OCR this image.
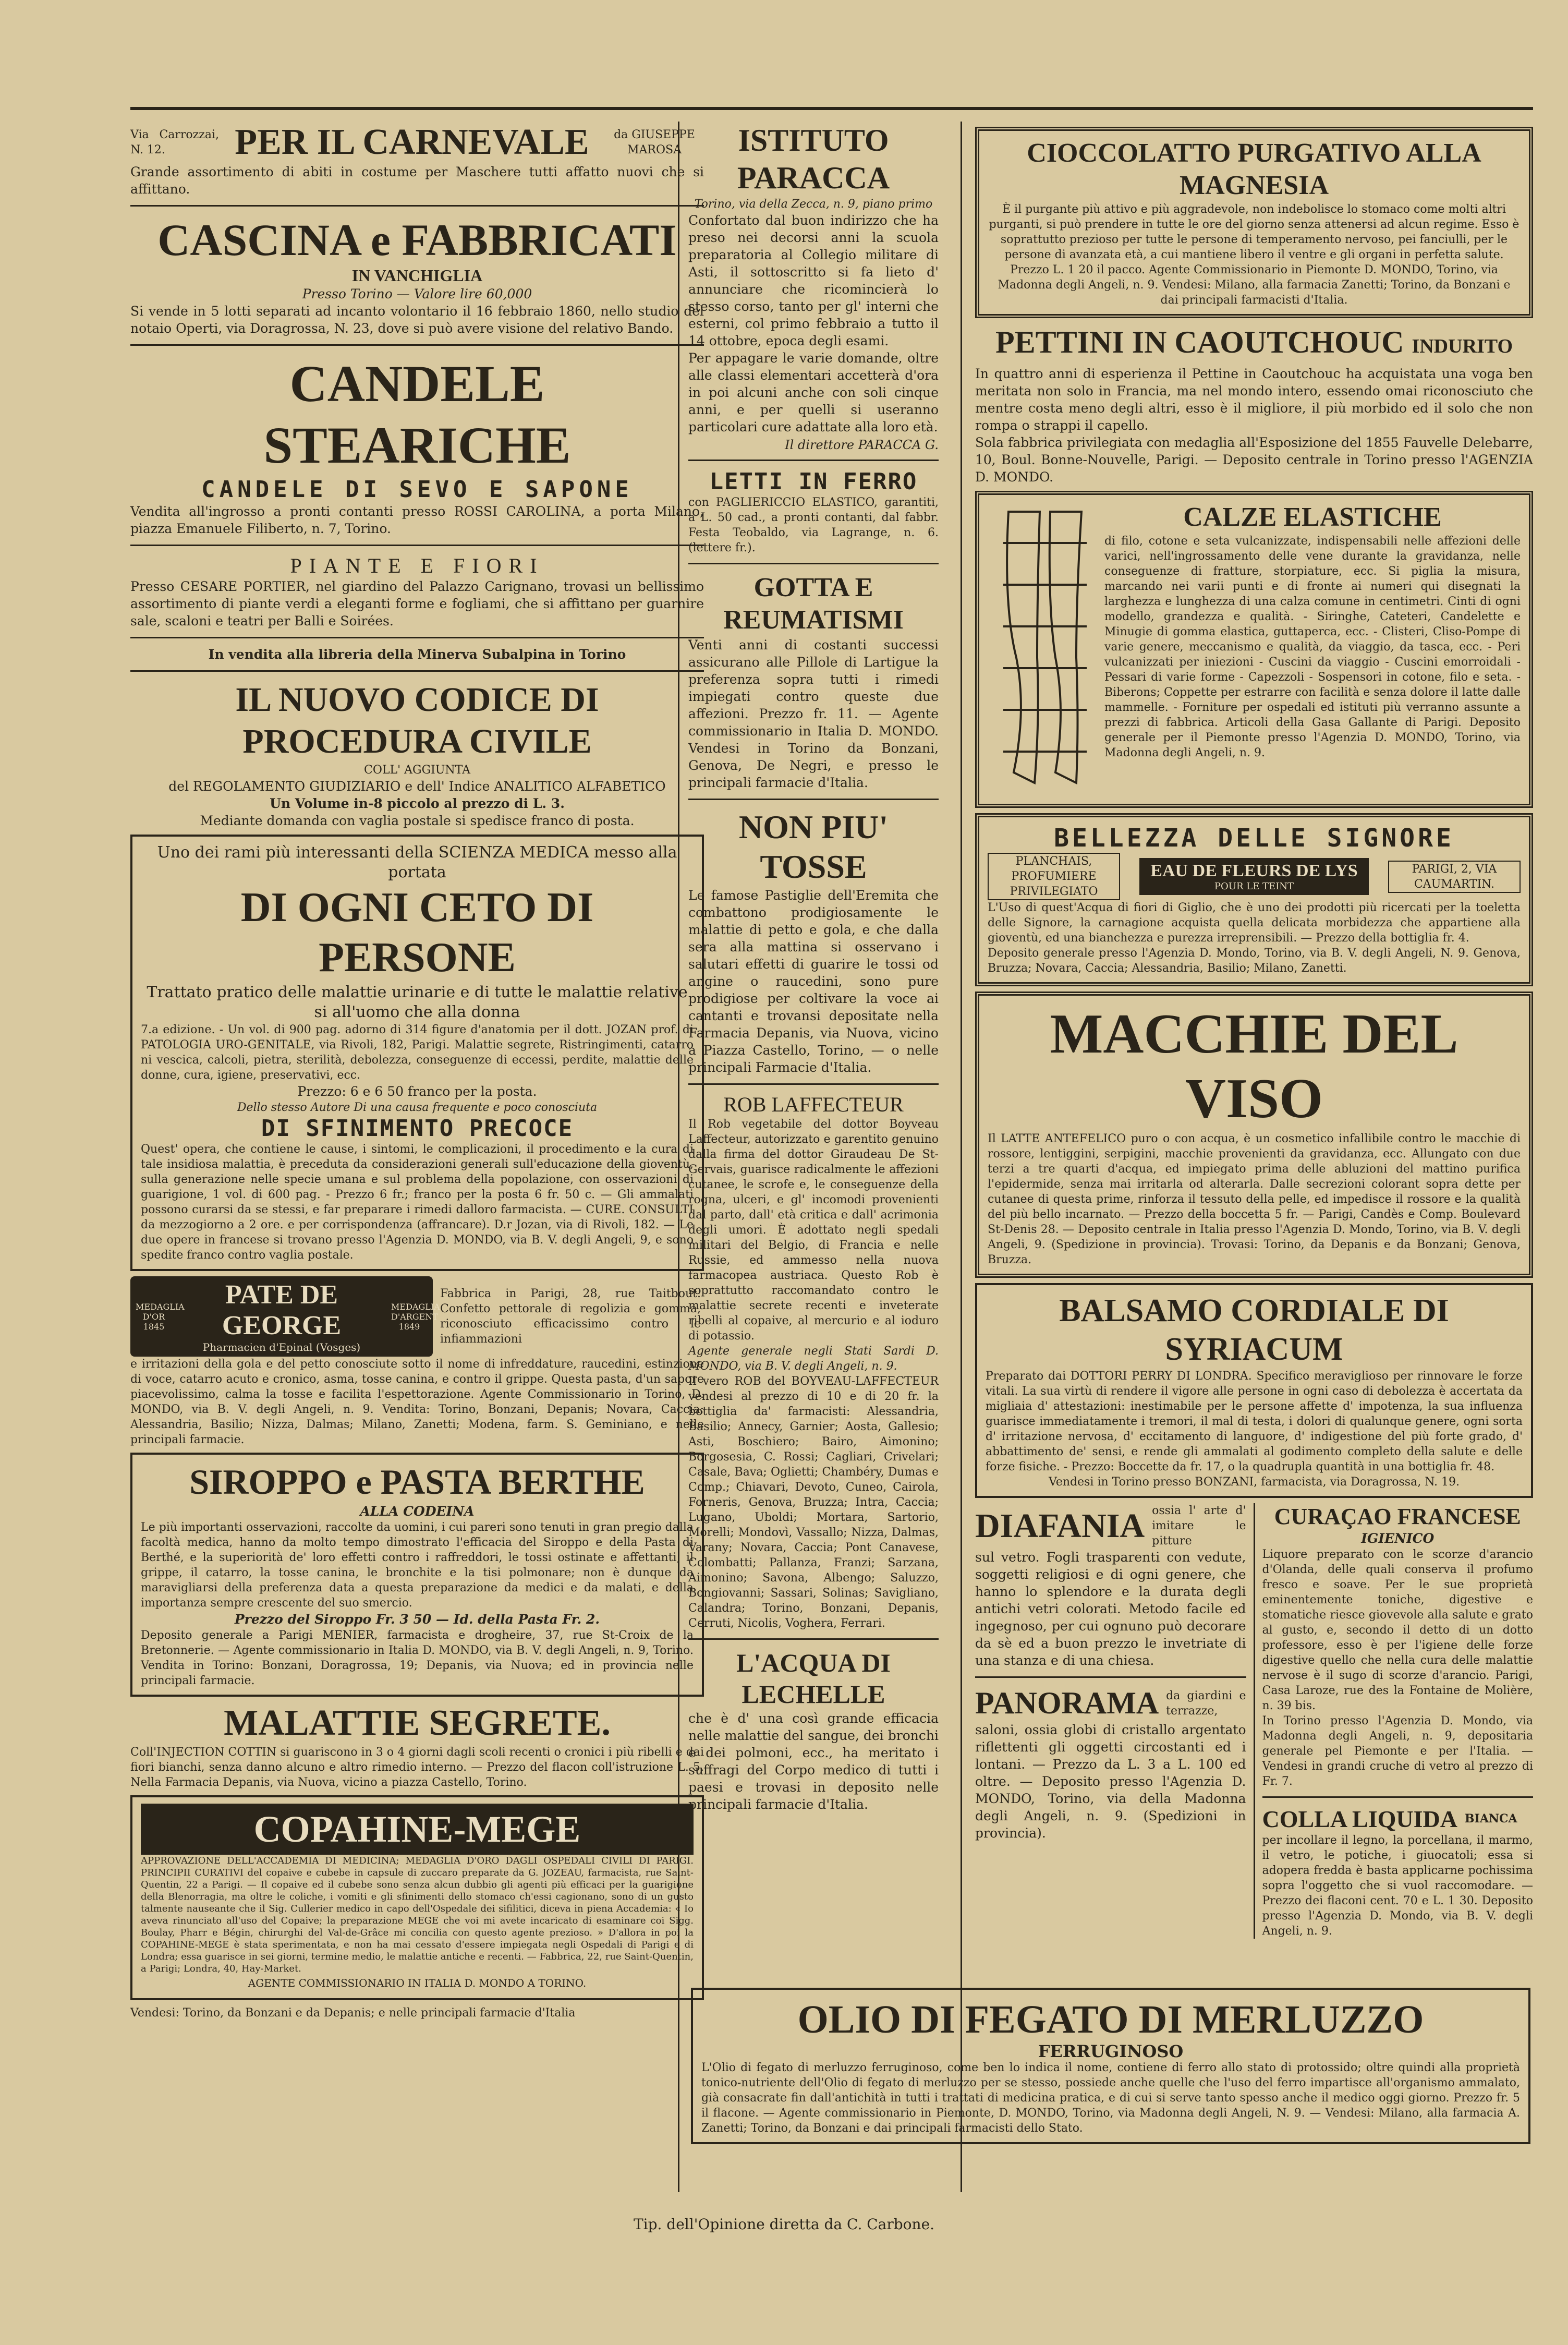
Via Carrozzai, N. 12.	PER IL CARNEVALE	da GIUSEPPE MAROSA

Grande assortimento di abiti in costume per Maschere tutti affatto nuovi che si affittano.

CASCINA e FABBRICATI

IN VANCHIGLIA

Presso Torino — Valore lire 60,000

Si vende in 5 lotti separati ad incanto volontario il 16 febbraio 1860, nello studio del notaio Operti, via Doragrossa, N. 23, dove si può avere visione del relativo Bando.

CANDELE STEARICHE

CANDELE DI SEVO E SAPONE

Vendita all'ingrosso a pronti contanti presso ROSSI CAROLINA, a porta Milano, piazza Emanuele Filiberto, n. 7, Torino.

PIANTE E FIORI

Presso CESARE PORTIER, nel giardino del Palazzo Carignano, trovasi un bellissimo assortimento di piante verdi a eleganti forme e fogliami, che si affittano per guarnire sale, scaloni e teatri per Balli e Soirées.

In vendita alla libreria della Minerva Subalpina in Torino

IL NUOVO CODICE DI PROCEDURA CIVILE

COLL' AGGIUNTA

del REGOLAMENTO GIUDIZIARIO e dell' Indice ANALITICO ALFABETICO

Un Volume in-8 piccolo al prezzo di L. 3.

Mediante domanda con vaglia postale si spedisce franco di posta.

Uno dei rami più interessanti della SCIENZA MEDICA messo alla portata

DI OGNI CETO DI PERSONE

Trattato pratico delle malattie urinarie e di tutte le malattie relative si all'uomo che alla donna

7.a edizione. - Un vol. di 900 pag. adorno di 314 figure d'anatomia per il dott. JOZAN prof. di PATOLOGIA URO-GENITALE, via Rivoli, 182, Parigi. Malattie segrete, Ristringimenti, catarro ni vescica, calcoli, pietra, sterilità, debolezza, conseguenze di eccessi, perdite, malattie delle donne, cura, igiene, preservativi, ecc.

Prezzo: 6 e 6 50 franco per la posta.

Dello stesso Autore Di una causa frequente e poco conosciuta

DI SFINIMENTO PRECOCE

Quest' opera, che contiene le cause, i sintomi, le complicazioni, il procedimento e la cura di tale insidiosa malattia, è preceduta da considerazioni generali sull'educazione della gioventù, sulla generazione nelle specie umana e sul problema della popolazione, con osservazioni di guarigione, 1 vol. di 600 pag. - Prezzo 6 fr.; franco per la posta 6 fr. 50 c. — Gli ammalati possono curarsi da se stessi, e far preparare i rimedi dalloro farmacista. — CURE. CONSULTI da mezzogiorno a 2 ore. e per corrispondenza (affrancare). D.r Jozan, via di Rivoli, 182. — Le due opere in francese si trovano presso l'Agenzia D. MONDO, via B. V. degli Angeli, 9, e sono spedite franco contro vaglia postale.

MEDAGLIA D'OR 1845
PATE DE GEORGE
Pharmacien d'Epinal (Vosges)
MEDAGLIA D'ARGENT 1849

Fabbrica in Parigi, 28, rue Taitbout. Confetto pettorale di regolizia e gomma, riconosciuto efficacissimo contro le infiammazioni

e irritazioni della gola e del petto conosciute sotto il nome di infreddature, raucedini, estinzione di voce, catarro acuto e cronico, asma, tosse canina, e contro il grippe. Questa pasta, d'un sapore piacevolissimo, calma la tosse e facilita l'espettorazione. Agente Commissionario in Torino, D. MONDO, via B. V. degli Angeli, n. 9. Vendita: Torino, Bonzani, Depanis; Novara, Caccia; Alessandria, Basilio; Nizza, Dalmas; Milano, Zanetti; Modena, farm. S. Geminiano, e nelle principali farmacie.

SIROPPO e PASTA BERTHE

ALLA CODEINA

Le più importanti osservazioni, raccolte da uomini, i cui pareri sono tenuti in gran pregio dalla facoltà medica, hanno da molto tempo dimostrato l'efficacia del Siroppo e della Pasta di Berthé, e la superiorità de' loro effetti contro i raffreddori, le tossi ostinate e affettanti, il grippe, il catarro, la tosse canina, le bronchite e la tisi polmonare; non è dunque da maravigliarsi della preferenza data a questa preparazione da medici e da malati, e della importanza sempre crescente del suo smercio.

Prezzo del Siroppo Fr. 3 50 — Id. della Pasta Fr. 2.

Deposito generale a Parigi MENIER, farmacista e drogheire, 37, rue St-Croix de la Bretonnerie. — Agente commissionario in Italia D. MONDO, via B. V. degli Angeli, n. 9, Torino. Vendita in Torino: Bonzani, Doragrossa, 19; Depanis, via Nuova; ed in provincia nelle principali farmacie.

MALATTIE SEGRETE.

Coll'INJECTION COTTIN si guariscono in 3 o 4 giorni dagli scoli recenti o cronici i più ribelli e dai fiori bianchi, senza danno alcuno e altro rimedio interno. — Prezzo del flacon coll'istruzione L. 5. Nella Farmacia Depanis, via Nuova, vicino a piazza Castello, Torino.

COPAHINE-MEGE

APPROVAZIONE DELL'ACCADEMIA DI MEDICINA; MEDAGLIA D'ORO DAGLI OSPEDALI CIVILI DI PARIGI. PRINCIPII CURATIVI del copaive e cubebe in capsule di zuccaro preparate da G. JOZEAU, farmacista, rue Saint-Quentin, 22 a Parigi. — Il copaive ed il cubebe sono senza alcun dubbio gli agenti più efficaci per la guarigione della Blenorragia, ma oltre le coliche, i vomiti e gli sfinimenti dello stomaco ch'essi cagionano, sono di un gusto talmente nauseante che il Sig. Cullerier medico in capo dell'Ospedale dei sifilitici, diceva in piena Accademia: « Io aveva rinunciato all'uso del Copaive; la preparazione MEGE che voi mi avete incaricato di esaminare coi Sigg. Boulay, Pharr e Bégin, chirurghi del Val-de-Grâce mi concilia con questo agente prezioso. » D'allora in poi la COPAHINE-MEGE è stata sperimentata, e non ha mai cessato d'essere impiegata negli Ospedali di Parigi e di Londra; essa guarisce in sei giorni, termine medio, le malattie antiche e recenti. — Fabbrica, 22, rue Saint-Quentin, a Parigi; Londra, 40, Hay-Market.

AGENTE COMMISSIONARIO IN ITALIA D. MONDO A TORINO.

Vendesi: Torino, da Bonzani e da Depanis; e nelle principali farmacie d'Italia

ISTITUTO PARACCA

Torino, via della Zecca, n. 9, piano primo

Confortato dal buon indirizzo che ha preso nei decorsi anni la scuola preparatoria al Collegio militare di Asti, il sottoscritto si fa lieto d' annunciare che ricomincierà lo stesso corso, tanto per gl' interni che esterni, col primo febbraio a tutto il 14 ottobre, epoca degli esami.

Per appagare le varie domande, oltre alle classi elementari accetterà d'ora in poi alcuni anche con soli cinque anni, e per quelli si useranno particolari cure adattate alla loro età.

Il direttore PARACCA G.

LETTI IN FERRO

con PAGLIERICCIO ELASTICO, garantiti, a L. 50 cad., a pronti contanti, dal fabbr. Festa Teobaldo, via Lagrange, n. 6. (lettere fr.).

GOTTA E REUMATISMI

Venti anni di costanti successi assicurano alle Pillole di Lartigue la preferenza sopra tutti i rimedi impiegati contro queste due affezioni. Prezzo fr. 11. — Agente commissionario in Italia D. MONDO. Vendesi in Torino da Bonzani, Genova, De Negri, e presso le principali farmacie d'Italia.

NON PIU' TOSSE

Le famose Pastiglie dell'Eremita che combattono prodigiosamente le malattie di petto e gola, e che dalla sera alla mattina si osservano i salutari effetti di guarire le tossi od angine o raucedini, sono pure prodigiose per coltivare la voce ai cantanti e trovansi depositate nella Farmacia Depanis, via Nuova, vicino a Piazza Castello, Torino, — o nelle principali Farmacie d'Italia.

ROB LAFFECTEUR

Il Rob vegetabile del dottor Boyveau Laffecteur, autorizzato e garentito genuino dalla firma del dottor Giraudeau De St-Gervais, guarisce radicalmente le affezioni cutanee, le scrofe e, le conseguenze della rogna, ulceri, e gl' incomodi provenienti dal parto, dall' età critica e dall' acrimonia degli umori. È adottato negli spedali militari del Belgio, di Francia e nelle Russie, ed ammesso nella nuova farmacopea austriaca. Questo Rob è soprattutto raccomandato contro le malattie secrete recenti e inveterate ribelli al copaive, al mercurio e al ioduro di potassio.

Agente generale negli Stati Sardi D. MONDO, via B. V. degli Angeli, n. 9.

Il vero ROB del BOYVEAU-LAFFECTEUR vendesi al prezzo di 10 e di 20 fr. la bottiglia da' farmacisti: Alessandria, Basilio; Annecy, Garnier; Aosta, Gallesio; Asti, Boschiero; Bairo, Aimonino; Borgosesia, C. Rossi; Cagliari, Crivelari; Casale, Bava; Oglietti; Chambéry, Dumas e Comp.; Chiavari, Devoto, Cuneo, Cairola, Forneris, Genova, Bruzza; Intra, Caccia; Lugano, Uboldi; Mortara, Sartorio, Morelli; Mondovì, Vassallo; Nizza, Dalmas, Varany; Novara, Caccia; Pont Canavese, Colombatti; Pallanza, Franzi; Sarzana, Aimonino; Savona, Albengo; Saluzzo, Bongiovanni; Sassari, Solinas; Savigliano, Calandra; Torino, Bonzani, Depanis, Cerruti, Nicolis, Voghera, Ferrari.

L'ACQUA DI LECHELLE

che è d' una così grande efficacia nelle malattie del sangue, dei bronchi e dei polmoni, ecc., ha meritato i suffragi del Corpo medico di tutti i paesi e trovasi in deposito nelle principali farmacie d'Italia.

CIOCCOLATTO PURGATIVO ALLA MAGNESIA

È il purgante più attivo e più aggradevole, non indebolisce lo stomaco come molti altri purganti, si può prendere in tutte le ore del giorno senza attenersi ad alcun regime. Esso è soprattutto prezioso per tutte le persone di temperamento nervoso, pei fanciulli, per le persone di avanzata età, a cui mantiene libero il ventre e gli organi in perfetta salute. Prezzo L. 1 20 il pacco. Agente Commissionario in Piemonte D. MONDO, Torino, via Madonna degli Angeli, n. 9. Vendesi: Milano, alla farmacia Zanetti; Torino, da Bonzani e dai principali farmacisti d'Italia.

PETTINI IN CAOUTCHOUC INDURITO

In quattro anni di esperienza il Pettine in Caoutchouc ha acquistata una voga ben meritata non solo in Francia, ma nel mondo intero, essendo omai riconosciuto che mentre costa meno degli altri, esso è il migliore, il più morbido ed il solo che non rompa o strappi il capello.

Sola fabbrica privilegiata con medaglia all'Esposizione del 1855 Fauvelle Delebarre, 10, Boul. Bonne-Nouvelle, Parigi. — Deposito centrale in Torino presso l'AGENZIA D. MONDO.

CALZE ELASTICHE

di filo, cotone e seta vulcanizzate, indispensabili nelle affezioni delle varici, nell'ingrossamento delle vene durante la gravidanza, nelle conseguenze di fratture, storpiature, ecc. Si piglia la misura, marcando nei varii punti e di fronte ai numeri qui disegnati la larghezza e lunghezza di una calza comune in centimetri. Cinti di ogni modello, grandezza e qualità. - Siringhe, Cateteri, Candelette e Minugie di gomma elastica, guttaperca, ecc. - Clisteri, Cliso-Pompe di varie genere, meccanismo e qualità, da viaggio, da tasca, ecc. - Peri vulcanizzati per iniezioni - Cuscini da viaggio - Cuscini emorroidali - Pessari di varie forme - Capezzoli - Sospensori in cotone, filo e seta. - Biberons; Coppette per estrarre con facilità e senza dolore il latte dalle mammelle. - Forniture per ospedali ed istituti più verranno assunte a prezzi di fabbrica. Articoli della Gasa Gallante di Parigi. Deposito generale per il Piemonte presso l'Agenzia D. MONDO, Torino, via Madonna degli Angeli, n. 9.

BELLEZZA DELLE SIGNORE

PLANCHAIS, PROFUMIERE PRIVILEGIATO
EAU DE FLEURS DE LYS
POUR LE TEINT
PARIGI, 2, VIA CAUMARTIN.

L'Uso di quest'Acqua di fiori di Giglio, che è uno dei prodotti più ricercati per la toeletta delle Signore, la carnagione acquista quella delicata morbidezza che appartiene alla gioventù, ed una bianchezza e purezza irreprensibili. — Prezzo della bottiglia fr. 4.

Deposito generale presso l'Agenzia D. Mondo, Torino, via B. V. degli Angeli, N. 9. Genova, Bruzza; Novara, Caccia; Alessandria, Basilio; Milano, Zanetti.

MACCHIE DEL VISO

Il LATTE ANTEFELICO puro o con acqua, è un cosmetico infallibile contro le macchie di rossore, lentiggini, serpigini, macchie provenienti da gravidanza, ecc. Allungato con due terzi a tre quarti d'acqua, ed impiegato prima delle abluzioni del mattino purifica l'epidermide, senza mai irritarla od alterarla. Dalle secrezioni colorant sopra dette per cutanee di questa prime, rinforza il tessuto della pelle, ed impedisce il rossore e la qualità del più bello incarnato. — Prezzo della boccetta 5 fr. — Parigi, Candès e Comp. Boulevard St-Denis 28. — Deposito centrale in Italia presso l'Agenzia D. Mondo, Torino, via B. V. degli Angeli, 9. (Spedizione in provincia). Trovasi: Torino, da Depanis e da Bonzani; Genova, Bruzza.

BALSAMO CORDIALE DI SYRIACUM

Preparato dai DOTTORI PERRY DI LONDRA. Specifico meraviglioso per rinnovare le forze vitali. La sua virtù di rendere il vigore alle persone in ogni caso di debolezza è accertata da migliaia d' attestazioni: inestimabile per le persone affette d' impotenza, la sua influenza guarisce immediatamente i tremori, il mal di testa, i dolori di qualunque genere, ogni sorta d' irritazione nervosa, d' eccitamento di languore, d' indigestione del più forte grado, d' abbattimento de' sensi, e rende gli ammalati al godimento completo della salute e delle forze fisiche. - Prezzo: Boccette da fr. 17, o la quadrupla quantità in una bottiglia fr. 48.

Vendesi in Torino presso BONZANI, farmacista, via Doragrossa, N. 19.

DIAFANIA ossia l' arte d' imitare le pitture

sul vetro. Fogli trasparenti con vedute, soggetti religiosi e di ogni genere, che hanno lo splendore e la durata degli antichi vetri colorati. Metodo facile ed ingegnoso, per cui ognuno può decorare da sè ed a buon prezzo le invetriate di una stanza e di una chiesa.

PANORAMA da giardini e terrazze,

saloni, ossia globi di cristallo argentato riflettenti gli oggetti circostanti ed i lontani. — Prezzo da L. 3 a L. 100 ed oltre. — Deposito presso l'Agenzia D. MONDO, Torino, via della Madonna degli Angeli, n. 9. (Spedizioni in provincia).

CURAÇAO FRANCESE

IGIENICO

Liquore preparato con le scorze d'arancio d'Olanda, delle quali conserva il profumo fresco e soave. Per le sue proprietà eminentemente toniche, digestive e stomatiche riesce giovevole alla salute e grato al gusto, e, secondo il detto di un dotto professore, esso è per l'igiene delle forze digestive quello che nella cura delle malattie nervose è il sugo di scorze d'arancio. Parigi, Casa Laroze, rue des la Fontaine de Molière, n. 39 bis.

In Torino presso l'Agenzia D. Mondo, via Madonna degli Angeli, n. 9, depositaria generale pel Piemonte e per l'Italia. — Vendesi in grandi cruche di vetro al prezzo di Fr. 7.

COLLA LIQUIDA BIANCA

per incollare il legno, la porcellana, il marmo, il vetro, le potiche, i giuocatoli; essa si adopera fredda è basta applicarne pochissima sopra l'oggetto che si vuol raccomodare. — Prezzo dei flaconi cent. 70 e L. 1 30. Deposito presso l'Agenzia D. Mondo, via B. V. degli Angeli, n. 9.

OLIO DI FEGATO DI MERLUZZO

FERRUGINOSO

L'Olio di fegato di merluzzo ferruginoso, come ben lo indica il nome, contiene di ferro allo stato di protossido; oltre quindi alla proprietà tonico-nutriente dell'Olio di fegato di merluzzo per se stesso, possiede anche quelle che l'uso del ferro impartisce all'organismo ammalato, già consacrate fin dall'antichità in tutti i trattati di medicina pratica, e di cui si serve tanto spesso anche il medico oggi giorno. Prezzo fr. 5 il flacone. — Agente commissionario in Piemonte, D. MONDO, Torino, via Madonna degli Angeli, N. 9. — Vendesi: Milano, alla farmacia A. Zanetti; Torino, da Bonzani e dai principali farmacisti dello Stato.

Tip. dell'Opinione diretta da C. Carbone.
